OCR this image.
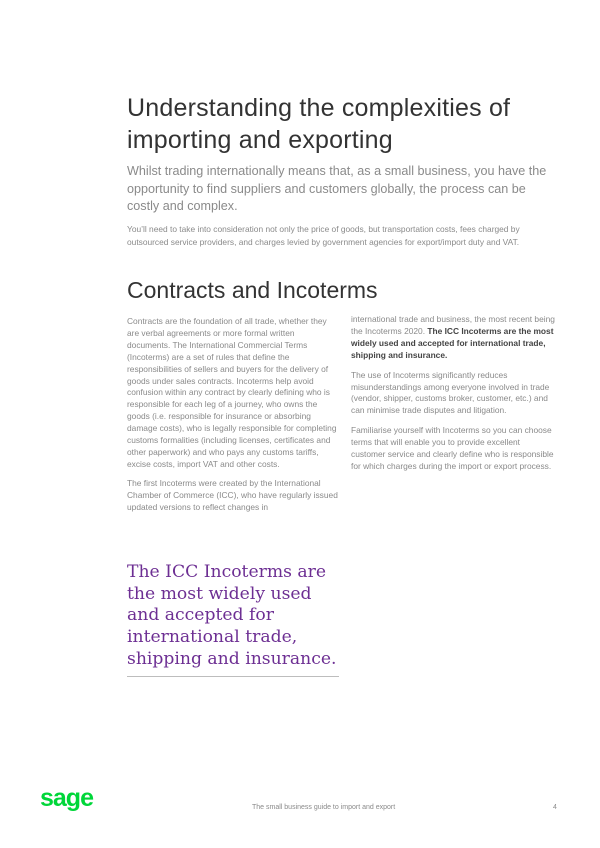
Understanding the complexities of importing and exporting

Whilst trading internationally means that, as a small business, you have the opportunity to find suppliers and customers globally, the process can be costly and complex.

You’ll need to take into consideration not only the price of goods, but transportation costs, fees charged by outsourced service providers, and charges levied by government agencies for export/import duty and VAT.

Contracts and Incoterms

Contracts are the foundation of all trade, whether they are verbal agreements or more formal written documents. The International Commercial Terms (Incoterms) are a set of rules that define the responsibilities of sellers and buyers for the delivery of goods under sales contracts. Incoterms help avoid confusion within any contract by clearly defining who is responsible for each leg of a journey, who owns the goods (i.e. responsible for insurance or absorbing damage costs), who is legally responsible for completing customs formalities (including licenses, certificates and other paperwork) and who pays any customs tariffs, excise costs, import VAT and other costs.

The first Incoterms were created by the International Chamber of Commerce (ICC), who have regularly issued updated versions to reflect changes in

international trade and business, the most recent being the Incoterms 2020. The ICC Incoterms are the most widely used and accepted for international trade, shipping and insurance.

The use of Incoterms significantly reduces misunderstandings among everyone involved in trade (vendor, shipper, customs broker, customer, etc.) and can minimise trade disputes and litigation.

Familiarise yourself with Incoterms so you can choose terms that will enable you to provide excellent customer service and clearly define who is responsible for which charges during the import or export process.

The ICC Incoterms are the most widely used and accepted for international trade, shipping and insurance.

sage	The small business guide to import and export	4
